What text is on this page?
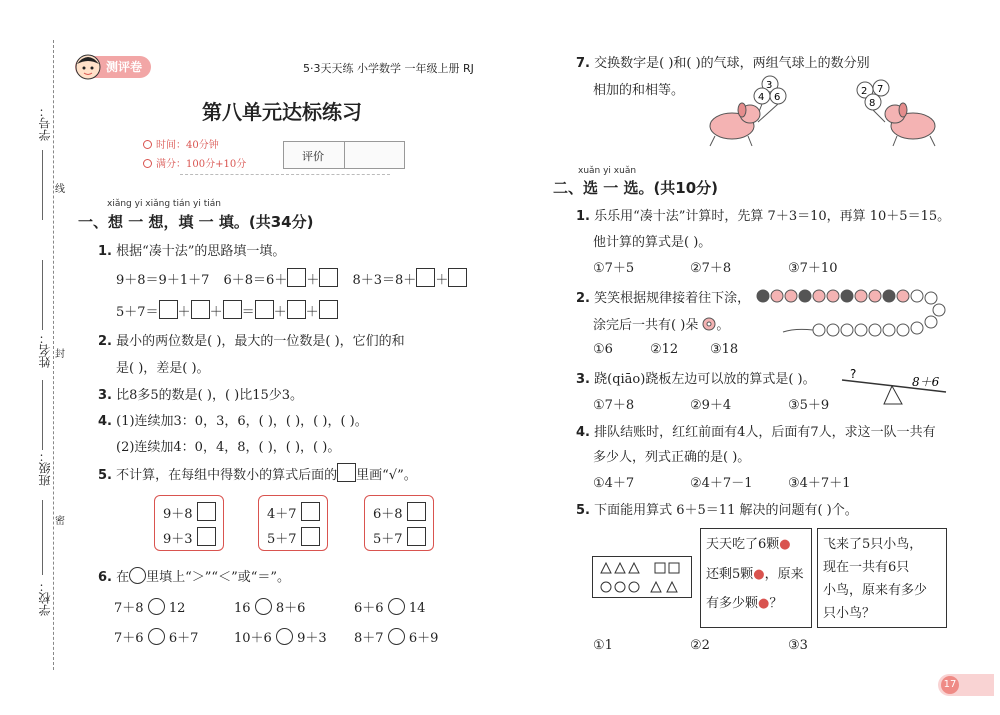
学号：
线
姓名： 封
班级：
密
学校：
测评卷	5·3天天练 小学数学 一年级上册 RJ
第八单元达标练习
时间：40分钟
满分：100分+10分
评价
xiǎng yi xiǎng tián yi tián
一、想 一 想，填 一 填。(共34分)
1. 根据“凑十法”的思路填一填。
9＋8＝9＋1＋7 6＋8＝6＋ ＋	8＋3＝8＋ ＋
5＋7＝ ＋ ＋ ＝ ＋ ＋
2. 最小的两位数是( )，最大的一位数是( )，它们的和
是( )，差是( )。
3. 比8多5的数是( )，( )比15少3。
4. (1)连续加3：0，3，6，( )，( )，( )，( )。
(2)连续加4：0，4，8，( )，( )，( )。
5. 不计算，在每组中得数小的算式后面的 里画“√”。
9＋8
9＋3
4＋7
5＋7
6＋8
5＋7
6. 在 里填上“＞”“＜”或“＝”。
7＋8 12	16 8＋6	6＋6 14
7＋6 6＋7	10＋6 9＋3 8＋7 6＋9
7. 交换数字是( )和( )的气球，两组气球上的数分别
相加的和相等。	3
4 6
2 7
8
xuǎn yi xuǎn
二、选 一 选。(共10分)
1. 乐乐用“凑十法”计算时，先算 7＋3＝10，再算 10＋5＝15。
他计算的算式是( )。
①7＋5	②7＋8	③7＋10
2. 笑笑根据规律接着往下涂，
涂完后一共有( )朵 。
①6	②12 ③18
3. 跷(qiāo)跷板左边可以放的算式是( )。	?
8＋6
①7＋8	②9＋4	③5＋9
4. 排队结账时，红红前面有4人，后面有7人，求这一队一共有
多少人，列式正确的是( )。
①4＋7	②4＋7－1	③4＋7＋1
5. 下面能用算式 6＋5＝11 解决的问题有( )个。
天天吃了6颗●
还剩5颗●，原来
有多少颗●？
飞来了5只小鸟，
现在一共有6只
小鸟，原来有多少
只小鸟？
①1	②2	③3
17
